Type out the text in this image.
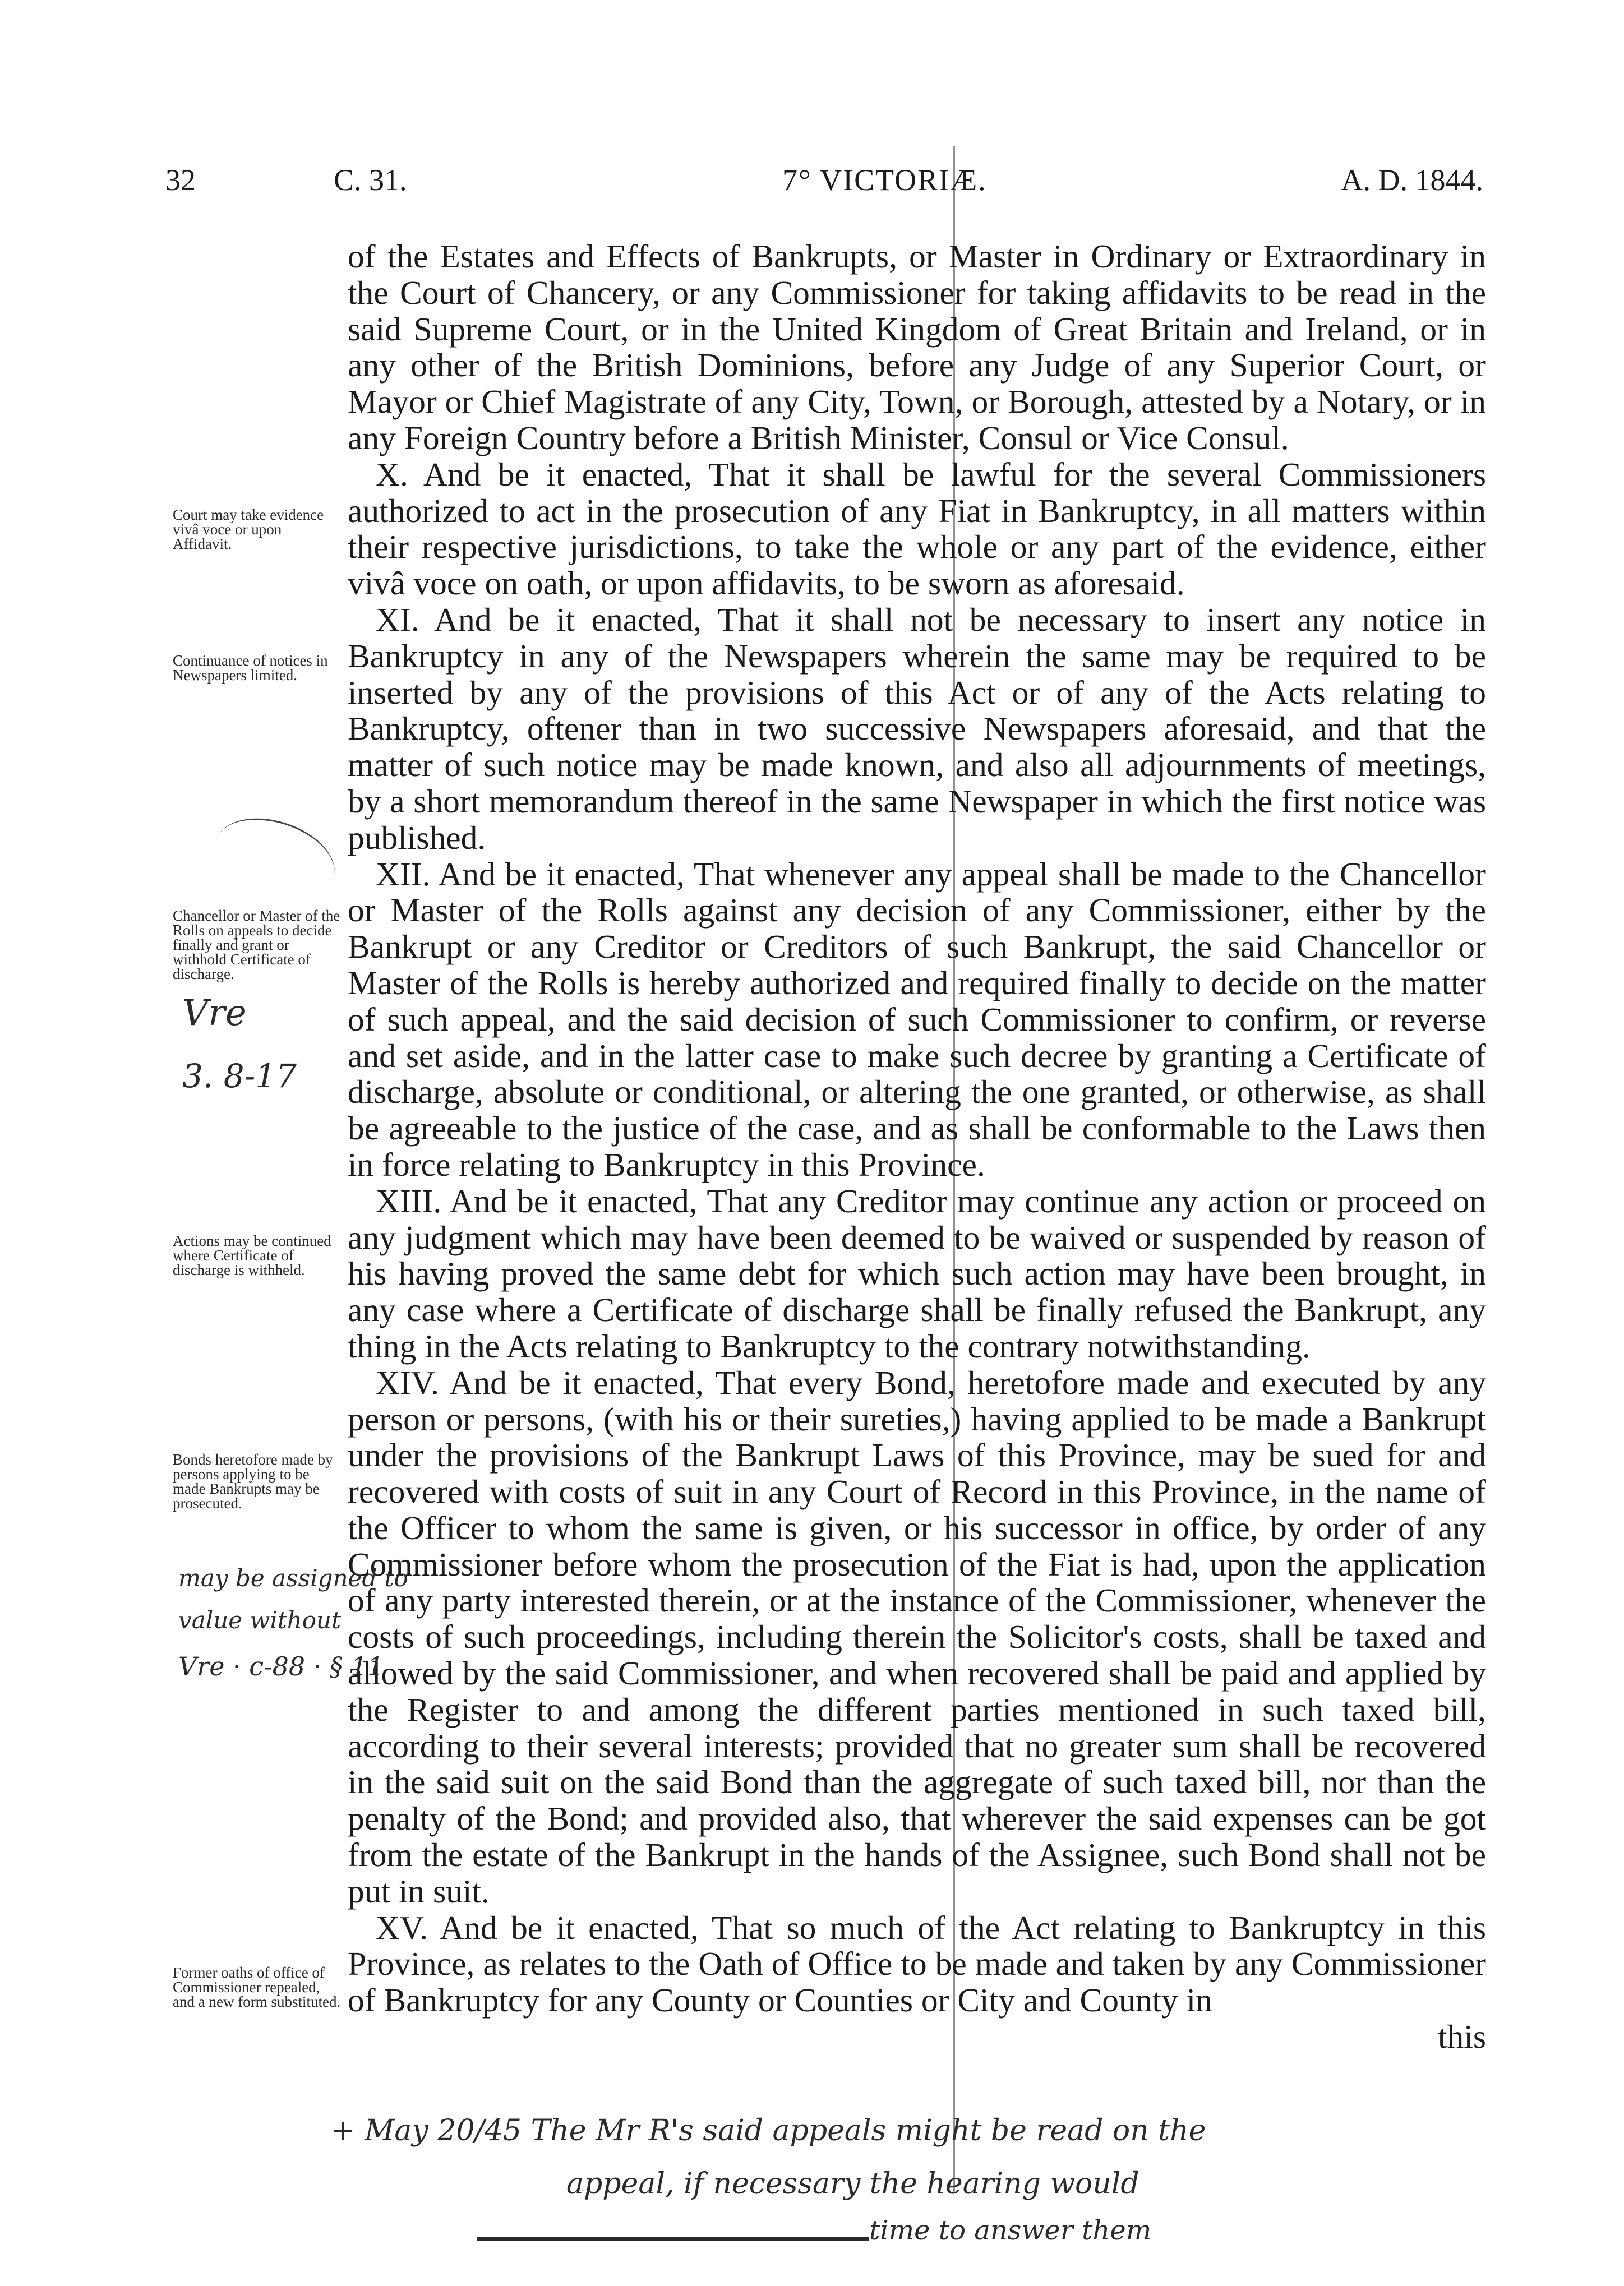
32	C. 31.	7° VICTORIÆ.	A. D. 1844.

of the Estates and Effects of Bankrupts, or Master in Ordinary or Extraordinary in the Court of Chancery, or any Commissioner for taking affidavits to be read in the said Supreme Court, or in the United Kingdom of Great Britain and Ireland, or in any other of the British Dominions, before any Judge of any Superior Court, or Mayor or Chief Magistrate of any City, Town, or Borough, attested by a Notary, or in any Foreign Country before a British Minister, Consul or Vice Consul.

X. And be it enacted, That it shall be lawful for the several Commissioners authorized to act in the prosecution of any Fiat in Bankruptcy, in all matters within their respective jurisdictions, to take the whole or any part of the evidence, either vivâ voce on oath, or upon affidavits, to be sworn as aforesaid.

XI. And be it enacted, That it shall not be necessary to insert any notice in Bankruptcy in any of the Newspapers wherein the same may be required to be inserted by any of the provisions of this Act or of any of the Acts relating to Bankruptcy, oftener than in two successive Newspapers aforesaid, and that the matter of such notice may be made known, and also all adjournments of meetings, by a short memorandum thereof in the same Newspaper in which the first notice was published.

XII. And be it enacted, That whenever any appeal shall be made to the Chancellor or Master of the Rolls against any decision of any Commissioner, either by the Bankrupt or any Creditor or Creditors of such Bankrupt, the said Chancellor or Master of the Rolls is hereby authorized and required finally to decide on the matter of such appeal, and the said decision of such Commissioner to confirm, or reverse and set aside, and in the latter case to make such decree by granting a Certificate of discharge, absolute or conditional, or altering the one granted, or otherwise, as shall be agreeable to the justice of the case, and as shall be conformable to the Laws then in force relating to Bankruptcy in this Province.

XIII. And be it enacted, That any Creditor may continue any action or proceed on any judgment which may have been deemed to be waived or suspended by reason of his having proved the same debt for which such action may have been brought, in any case where a Certificate of discharge shall be finally refused the Bankrupt, any thing in the Acts relating to Bankruptcy to the contrary notwithstanding.

XIV. And be it enacted, That every Bond, heretofore made and executed by any person or persons, (with his or their sureties,) having applied to be made a Bankrupt under the provisions of the Bankrupt Laws of this Province, may be sued for and recovered with costs of suit in any Court of Record in this Province, in the name of the Officer to whom the same is given, or his successor in office, by order of any Commissioner before whom the prosecution of the Fiat is had, upon the application of any party interested therein, or at the instance of the Commissioner, whenever the costs of such proceedings, including therein the Solicitor's costs, shall be taxed and allowed by the said Commissioner, and when recovered shall be paid and applied by the Register to and among the different parties mentioned in such taxed bill, according to their several interests; provided that no greater sum shall be recovered in the said suit on the said Bond than the aggregate of such taxed bill, nor than the penalty of the Bond; and provided also, that wherever the said expenses can be got from the estate of the Bankrupt in the hands of the Assignee, such Bond shall not be put in suit.

XV. And be it enacted, That so much of the Act relating to Bankruptcy in this Province, as relates to the Oath of Office to be made and taken by any Commissioner of Bankruptcy for any County or Counties or City and County in

this

Court may take evidence vivâ voce or upon Affidavit.

Continuance of notices in Newspapers limited.

Chancellor or Master of the Rolls on appeals to decide finally and grant or withhold Certificate of discharge.

Actions may be continued where Certificate of discharge is withheld.

Bonds heretofore made by persons applying to be made Bankrupts may be prosecuted.

Former oaths of office of Commissioner repealed, and a new form substituted.

Vre
3. 8-17
may be assigned to
value without
Vre · c-88 · § 11
+ May 20/45 The Mr R's said appeals might be read on the
appeal, if necessary the hearing would
time to answer them
